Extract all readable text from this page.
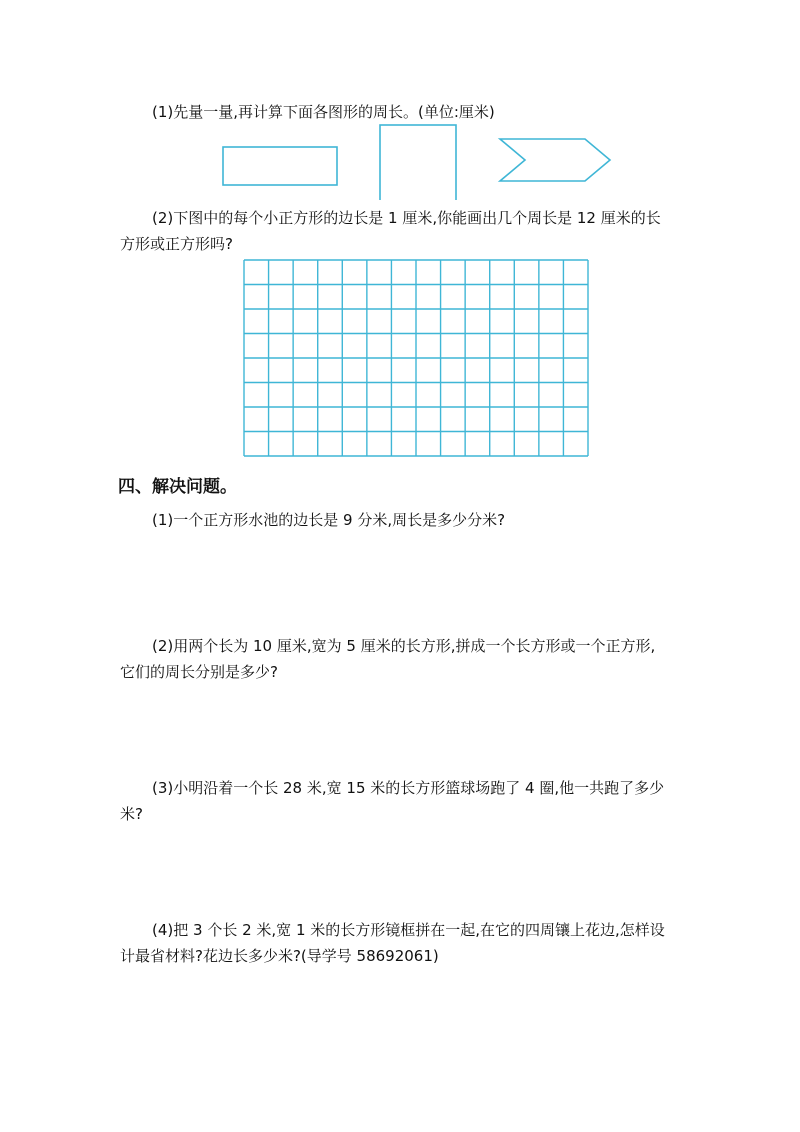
(1)先量一量,再计算下面各图形的周长。(单位:厘米)

(2)下图中的每个小正方形的边长是 1 厘米,你能画出几个周长是 12 厘米的长

方形或正方形吗?

四、解决问题。

(1)一个正方形水池的边长是 9 分米,周长是多少分米?

(2)用两个长为 10 厘米,宽为 5 厘米的长方形,拼成一个长方形或一个正方形,

它们的周长分别是多少?

(3)小明沿着一个长 28 米,宽 15 米的长方形篮球场跑了 4 圈,他一共跑了多少

米?

(4)把 3 个长 2 米,宽 1 米的长方形镜框拼在一起,在它的四周镶上花边,怎样设

计最省材料?花边长多少米?(导学号 58692061)
